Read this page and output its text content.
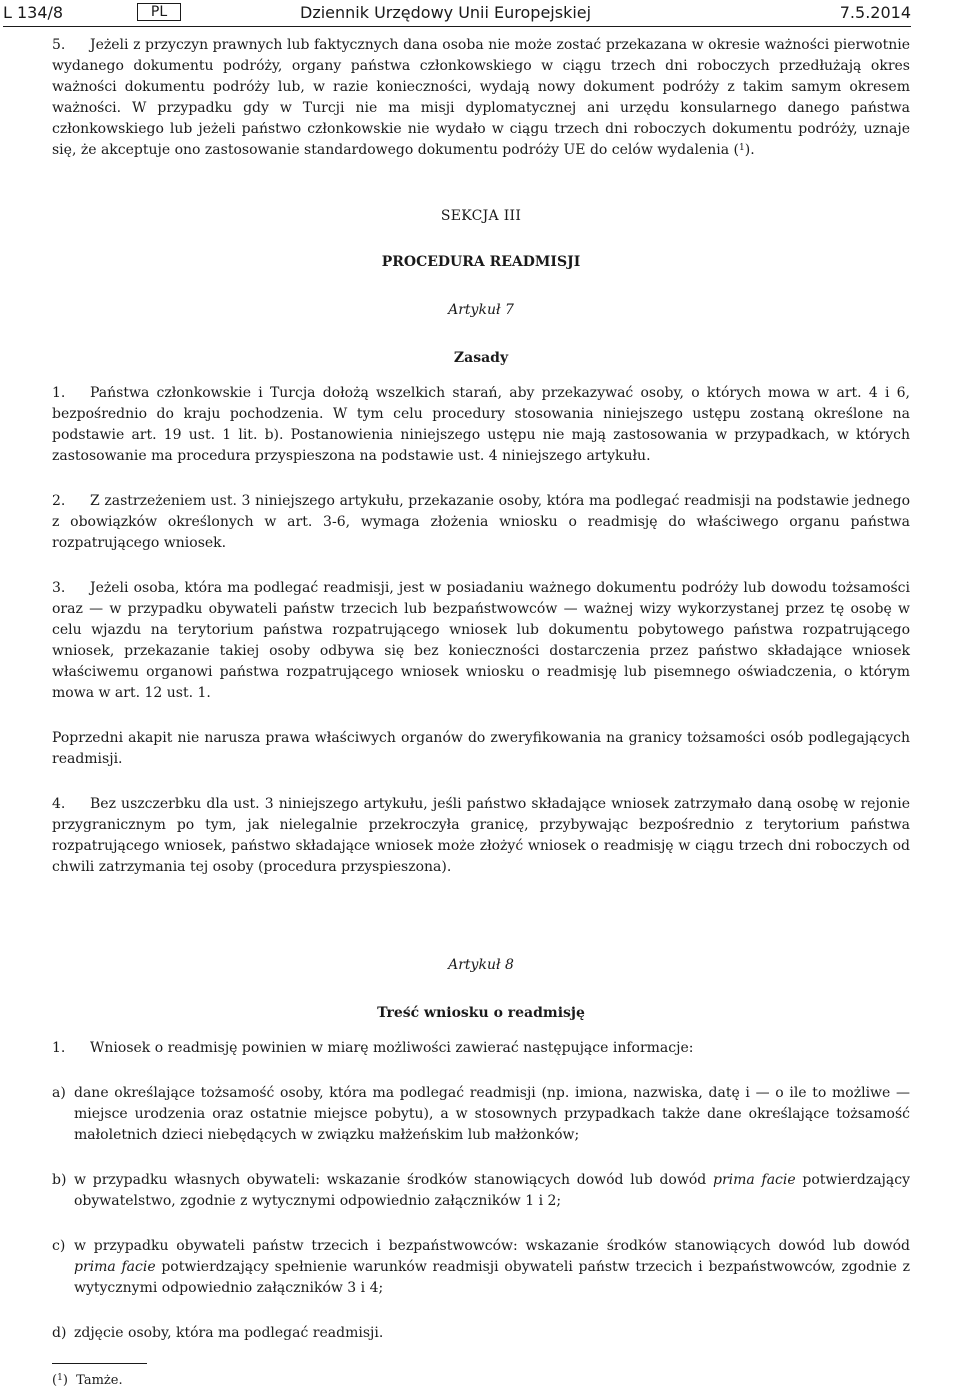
L 134/8	PL	Dziennik Urzędowy Unii Europejskiej	7.5.2014

5. Jeżeli z przyczyn prawnych lub faktycznych dana osoba nie może zostać przekazana w okresie ważności pierwotnie wydanego dokumentu podróży, organy państwa członkowskiego w ciągu trzech dni roboczych przedłużają okres ważności dokumentu podróży lub, w razie konieczności, wydają nowy dokument podróży z takim samym okresem ważności. W przypadku gdy w Turcji nie ma misji dyplomatycznej ani urzędu konsularnego danego państwa członkowskiego lub jeżeli państwo członkowskie nie wydało w ciągu trzech dni roboczych dokumentu podróży, uznaje się, że akceptuje ono zastosowanie standardowego dokumentu podróży UE do celów wydalenia ($^1$).

SEKCJA III

PROCEDURA READMISJI

Artykuł 7

Zasady

1. Państwa członkowskie i Turcja dołożą wszelkich starań, aby przekazywać osoby, o których mowa w art. 4 i 6, bezpośrednio do kraju pochodzenia. W tym celu procedury stosowania niniejszego ustępu zostaną określone na podstawie art. 19 ust. 1 lit. b). Postanowienia niniejszego ustępu nie mają zastosowania w przypadkach, w których zastosowanie ma procedura przyspieszona na podstawie ust. 4 niniejszego artykułu.

2. Z zastrzeżeniem ust. 3 niniejszego artykułu, przekazanie osoby, która ma podlegać readmisji na podstawie jednego z obowiązków określonych w art. 3-6, wymaga złożenia wniosku o readmisję do właściwego organu państwa rozpatrującego wniosek.

3. Jeżeli osoba, która ma podlegać readmisji, jest w posiadaniu ważnego dokumentu podróży lub dowodu tożsamości oraz — w przypadku obywateli państw trzecich lub bezpaństwowców — ważnej wizy wykorzystanej przez tę osobę w celu wjazdu na terytorium państwa rozpatrującego wniosek lub dokumentu pobytowego państwa rozpatrującego wniosek, przekazanie takiej osoby odbywa się bez konieczności dostarczenia przez państwo składające wniosek właściwemu organowi państwa rozpatrującego wniosek wniosku o readmisję lub pisemnego oświadczenia, o którym mowa w art. 12 ust. 1.

Poprzedni akapit nie narusza prawa właściwych organów do zweryfikowania na granicy tożsamości osób podlegających readmisji.

4. Bez uszczerbku dla ust. 3 niniejszego artykułu, jeśli państwo składające wniosek zatrzymało daną osobę w rejonie przygranicznym po tym, jak nielegalnie przekroczyła granicę, przybywając bezpośrednio z terytorium państwa rozpatrującego wniosek, państwo składające wniosek może złożyć wniosek o readmisję w ciągu trzech dni roboczych od chwili zatrzymania tej osoby (procedura przyspieszona).

Artykuł 8

Treść wniosku o readmisję

1. Wniosek o readmisję powinien w miarę możliwości zawierać następujące informacje:

a) dane określające tożsamość osoby, która ma podlegać readmisji (np. imiona, nazwiska, datę i — o ile to możliwe — miejsce urodzenia oraz ostatnie miejsce pobytu), a w stosownych przypadkach także dane określające tożsamość małoletnich dzieci niebędących w związku małżeńskim lub małżonków;
b) w przypadku własnych obywateli: wskazanie środków stanowiących dowód lub dowód prima facie potwierdzający obywatelstwo, zgodnie z wytycznymi odpowiednio załączników 1 i 2;
c) w przypadku obywateli państw trzecich i bezpaństwowców: wskazanie środków stanowiących dowód lub dowód prima facie potwierdzający spełnienie warunków readmisji obywateli państw trzecich i bezpaństwowców, zgodnie z wytycznymi odpowiednio załączników 3 i 4;
d) zdjęcie osoby, która ma podlegać readmisji.

($^1$)  Tamże.
